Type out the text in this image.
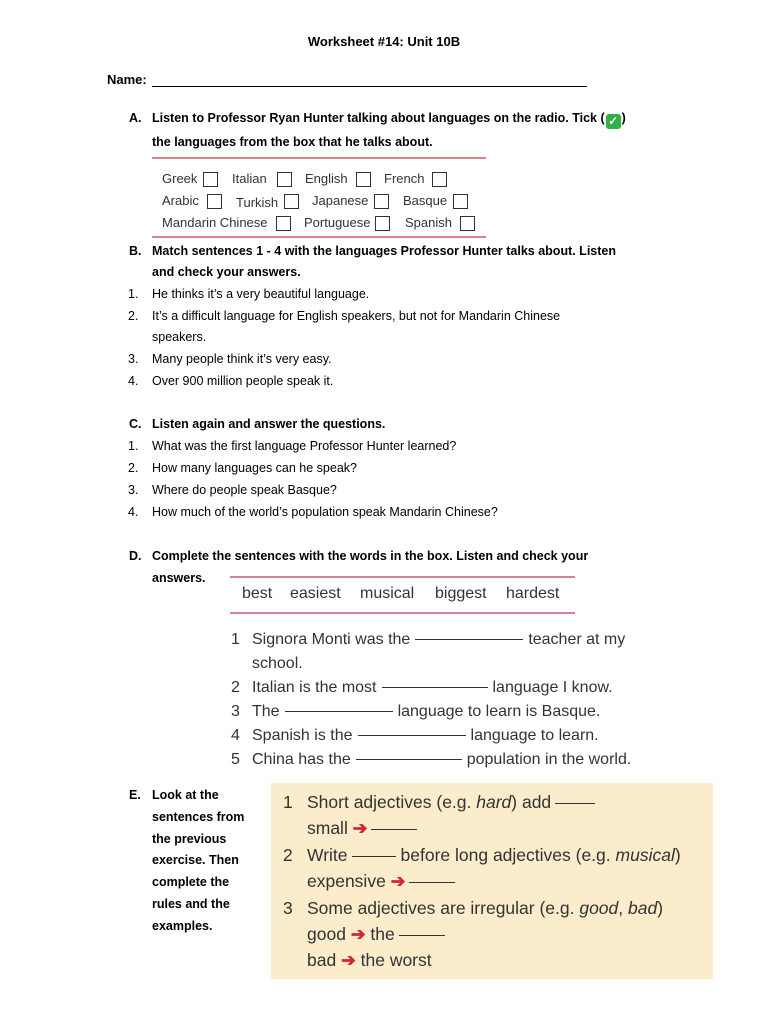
Worksheet #14: Unit 10B
Name:
A. Listen to Professor Ryan Hunter talking about languages on the radio. Tick ( ✓ )
the languages from the box that he talks about.
Greek	Italian	English	French
Arabic	Turkish	Japanese	Basque
Mandarin Chinese	Portuguese	Spanish
B. Match sentences 1 - 4 with the languages Professor Hunter talks about. Listen
and check your answers.
1. He thinks it’s a very beautiful language.
2. It’s a difficult language for English speakers, but not for Mandarin Chinese
speakers.
3. Many people think it’s very easy.
4. Over 900 million people speak it.
C. Listen again and answer the questions.
1. What was the first language Professor Hunter learned?
2. How many languages can he speak?
3. Where do people speak Basque?
4. How much of the world’s population speak Mandarin Chinese?
D. Complete the sentences with the words in the box. Listen and check your
answers.
best easiest musical biggest hardest
1 Signora Monti was the	teacher at my
school.
2 Italian is the most	language I know.
3 The	language to learn is Basque.
4 Spanish is the	language to learn.
5 China has the	population in the world.
E. Look at the
sentences from
the previous
exercise. Then
complete the
rules and the
examples.
1 Short adjectives (e.g. hard) add
small ➔
2 Write	before long adjectives (e.g. musical)
expensive ➔
3 Some adjectives are irregular (e.g. good, bad)
good ➔ the
bad ➔ the worst
